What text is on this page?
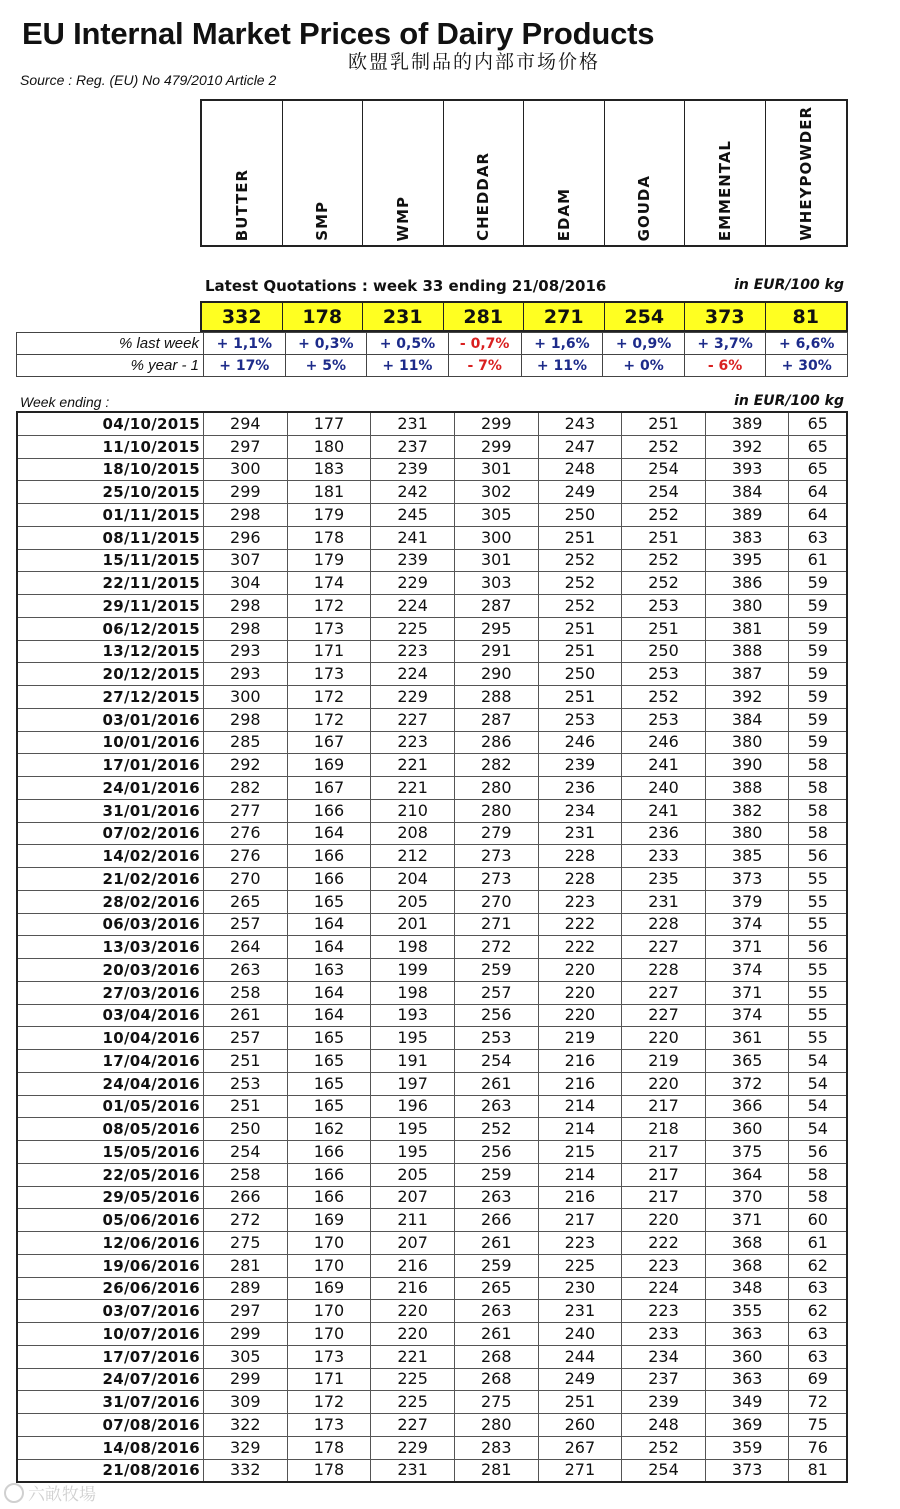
EU Internal Market Prices of Dairy Products
欧盟乳制品的内部市场价格
Source : Reg. (EU) No 479/2010 Article 2
BUTTER	SMP	WMP	CHEDDAR	EDAM	GOUDA	EMMENTAL	WHEYPOWDER
Latest Quotations : week 33 ending 21/08/2016	in EUR/100 kg
332	178	231	281	271	254	373	81
% last week	+ 1,1%	+ 0,3%	+ 0,5%	- 0,7%	+ 1,6%	+ 0,9%	+ 3,7%	+ 6,6%
% year - 1	+ 17%	+ 5%	+ 11%	- 7%	+ 11%	+ 0%	- 6%	+ 30%
Week ending :	in EUR/100 kg
04/10/2015	294	177	231	299	243	251	389	65
11/10/2015	297	180	237	299	247	252	392	65
18/10/2015	300	183	239	301	248	254	393	65
25/10/2015	299	181	242	302	249	254	384	64
01/11/2015	298	179	245	305	250	252	389	64
08/11/2015	296	178	241	300	251	251	383	63
15/11/2015	307	179	239	301	252	252	395	61
22/11/2015	304	174	229	303	252	252	386	59
29/11/2015	298	172	224	287	252	253	380	59
06/12/2015	298	173	225	295	251	251	381	59
13/12/2015	293	171	223	291	251	250	388	59
20/12/2015	293	173	224	290	250	253	387	59
27/12/2015	300	172	229	288	251	252	392	59
03/01/2016	298	172	227	287	253	253	384	59
10/01/2016	285	167	223	286	246	246	380	59
17/01/2016	292	169	221	282	239	241	390	58
24/01/2016	282	167	221	280	236	240	388	58
31/01/2016	277	166	210	280	234	241	382	58
07/02/2016	276	164	208	279	231	236	380	58
14/02/2016	276	166	212	273	228	233	385	56
21/02/2016	270	166	204	273	228	235	373	55
28/02/2016	265	165	205	270	223	231	379	55
06/03/2016	257	164	201	271	222	228	374	55
13/03/2016	264	164	198	272	222	227	371	56
20/03/2016	263	163	199	259	220	228	374	55
27/03/2016	258	164	198	257	220	227	371	55
03/04/2016	261	164	193	256	220	227	374	55
10/04/2016	257	165	195	253	219	220	361	55
17/04/2016	251	165	191	254	216	219	365	54
24/04/2016	253	165	197	261	216	220	372	54
01/05/2016	251	165	196	263	214	217	366	54
08/05/2016	250	162	195	252	214	218	360	54
15/05/2016	254	166	195	256	215	217	375	56
22/05/2016	258	166	205	259	214	217	364	58
29/05/2016	266	166	207	263	216	217	370	58
05/06/2016	272	169	211	266	217	220	371	60
12/06/2016	275	170	207	261	223	222	368	61
19/06/2016	281	170	216	259	225	223	368	62
26/06/2016	289	169	216	265	230	224	348	63
03/07/2016	297	170	220	263	231	223	355	62
10/07/2016	299	170	220	261	240	233	363	63
17/07/2016	305	173	221	268	244	234	360	63
24/07/2016	299	171	225	268	249	237	363	69
31/07/2016	309	172	225	275	251	239	349	72
07/08/2016	322	173	227	280	260	248	369	75
14/08/2016	329	178	229	283	267	252	359	76
21/08/2016	332	178	231	281	271	254	373	81
六畝牧場
